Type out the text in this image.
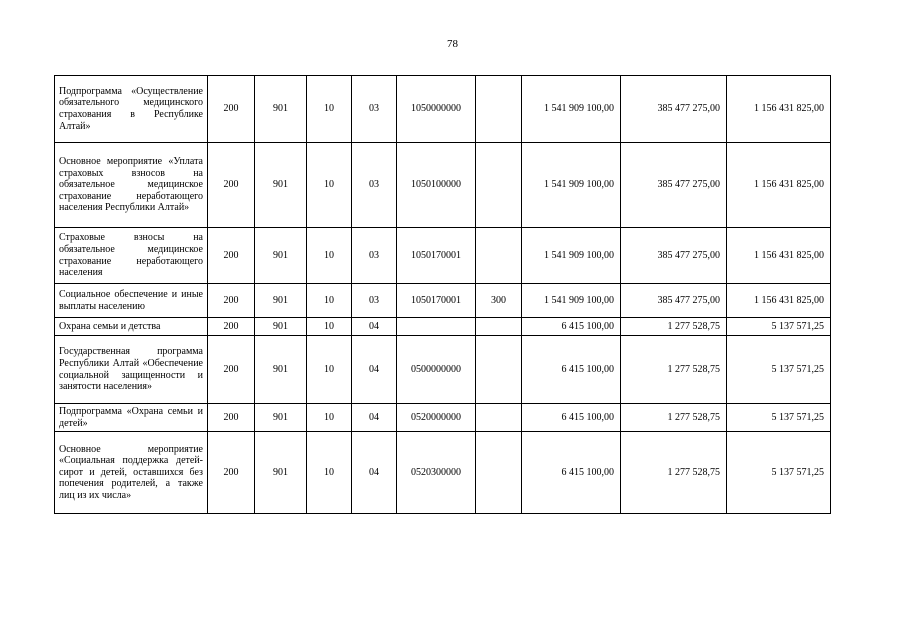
78
Подпрограмма «Осуществление обязательного медицинского страхования в Республике Алтай»	200	901	10	03	1050000000		1 541 909 100,00	385 477 275,00	1 156 431 825,00
Основное мероприятие «Уплата страховых взносов на обязательное медицинское страхование неработающего населения Республики Алтай»	200	901	10	03	1050100000		1 541 909 100,00	385 477 275,00	1 156 431 825,00
Страховые взносы на обязательное медицинское страхование неработающего населения	200	901	10	03	1050170001		1 541 909 100,00	385 477 275,00	1 156 431 825,00
Социальное обеспечение и иные выплаты населению	200	901	10	03	1050170001	300	1 541 909 100,00	385 477 275,00	1 156 431 825,00
Охрана семьи и детства	200	901	10	04			6 415 100,00	1 277 528,75	5 137 571,25
Государственная программа Республики Алтай «Обеспечение социальной защищенности и занятости населения»	200	901	10	04	0500000000		6 415 100,00	1 277 528,75	5 137 571,25
Подпрограмма «Охрана семьи и детей»	200	901	10	04	0520000000		6 415 100,00	1 277 528,75	5 137 571,25
Основное мероприятие «Социальная поддержка детей-сирот и детей, оставшихся без попечения родителей, а также лиц из их числа»	200	901	10	04	0520300000		6 415 100,00	1 277 528,75	5 137 571,25
